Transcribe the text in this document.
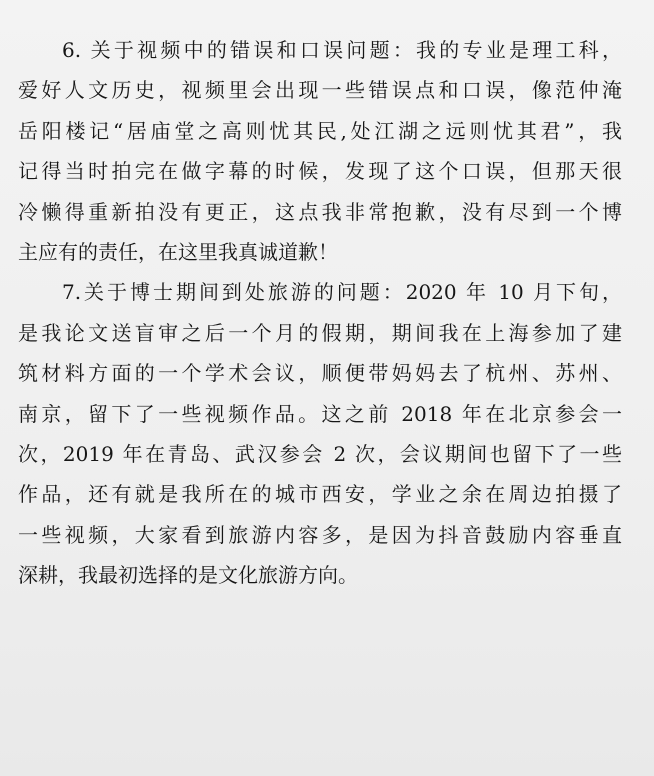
6. 关于视频中的错误和口误问题：我的专业是理工科，
爱好人文历史，视频里会出现一些错误点和口误，像范仲淹
岳阳楼记“居庙堂之高则忧其民,处江湖之远则忧其君”，我
记得当时拍完在做字幕的时候，发现了这个口误，但那天很
冷懒得重新拍没有更正，这点我非常抱歉，没有尽到一个博
主应有的责任，在这里我真诚道歉！
7.关于博士期间到处旅游的问题：2020 年 10 月下旬，
是我论文送盲审之后一个月的假期，期间我在上海参加了建
筑材料方面的一个学术会议，顺便带妈妈去了杭州、苏州、
南京，留下了一些视频作品。这之前 2018 年在北京参会一
次，2019 年在青岛、武汉参会 2 次，会议期间也留下了一些
作品，还有就是我所在的城市西安，学业之余在周边拍摄了
一些视频，大家看到旅游内容多，是因为抖音鼓励内容垂直
深耕，我最初选择的是文化旅游方向。
